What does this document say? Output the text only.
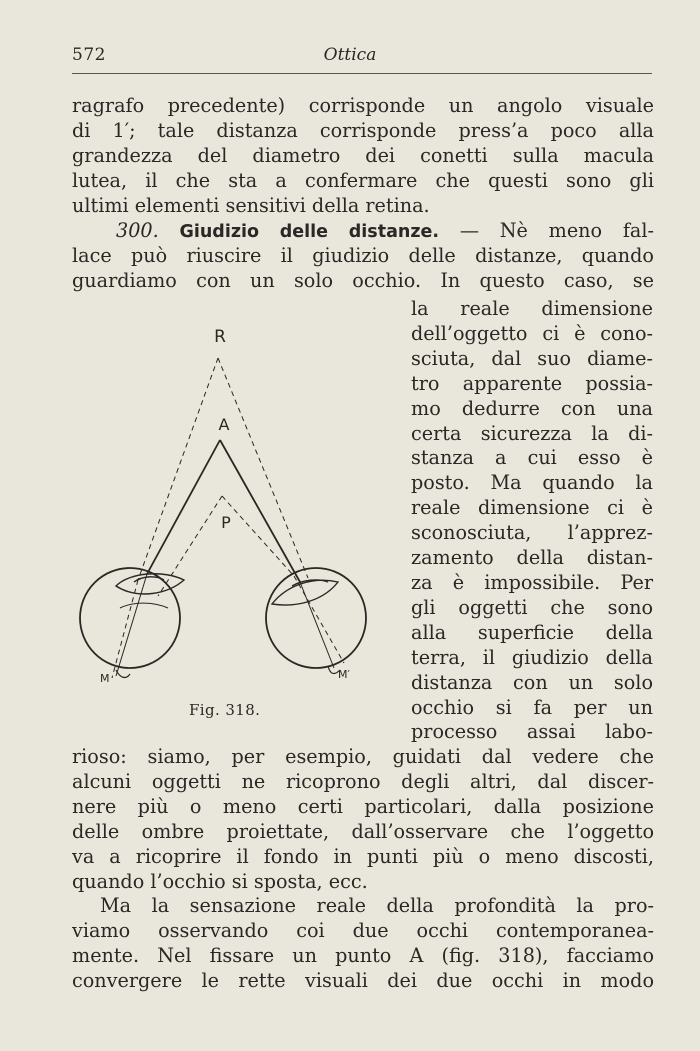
572	Ottica
ragrafo precedente) corrisponde un angolo visuale
di 1′; tale distanza corrisponde press’a poco alla
grandezza del diametro dei conetti sulla macula
lutea, il che sta a confermare che questi sono gli
ultimi elementi sensitivi della retina.
300. Giudizio delle distanze. — Nè meno fal-
lace può riuscire il giudizio delle distanze, quando
guardiamo con un solo occhio. In questo caso, se
R
A
P
M	M′
Fig. 318.
la reale dimensione
dell’oggetto ci è cono-
sciuta, dal suo diame-
tro apparente possia-
mo dedurre con una
certa sicurezza la di-
stanza a cui esso è
posto. Ma quando la
reale dimensione ci è
sconosciuta, l’apprez-
zamento della distan-
za è impossibile. Per
gli oggetti che sono
alla superficie della
terra, il giudizio della
distanza con un solo
occhio si fa per un
processo assai labo-
rioso: siamo, per esempio, guidati dal vedere che
alcuni oggetti ne ricoprono degli altri, dal discer-
nere più o meno certi particolari, dalla posizione
delle ombre proiettate, dall’osservare che l’oggetto
va a ricoprire il fondo in punti più o meno discosti,
quando l’occhio si sposta, ecc.
Ma la sensazione reale della profondità la pro-
viamo osservando coi due occhi contemporanea-
mente. Nel fissare un punto A (fig. 318), facciamo
convergere le rette visuali dei due occhi in modo
